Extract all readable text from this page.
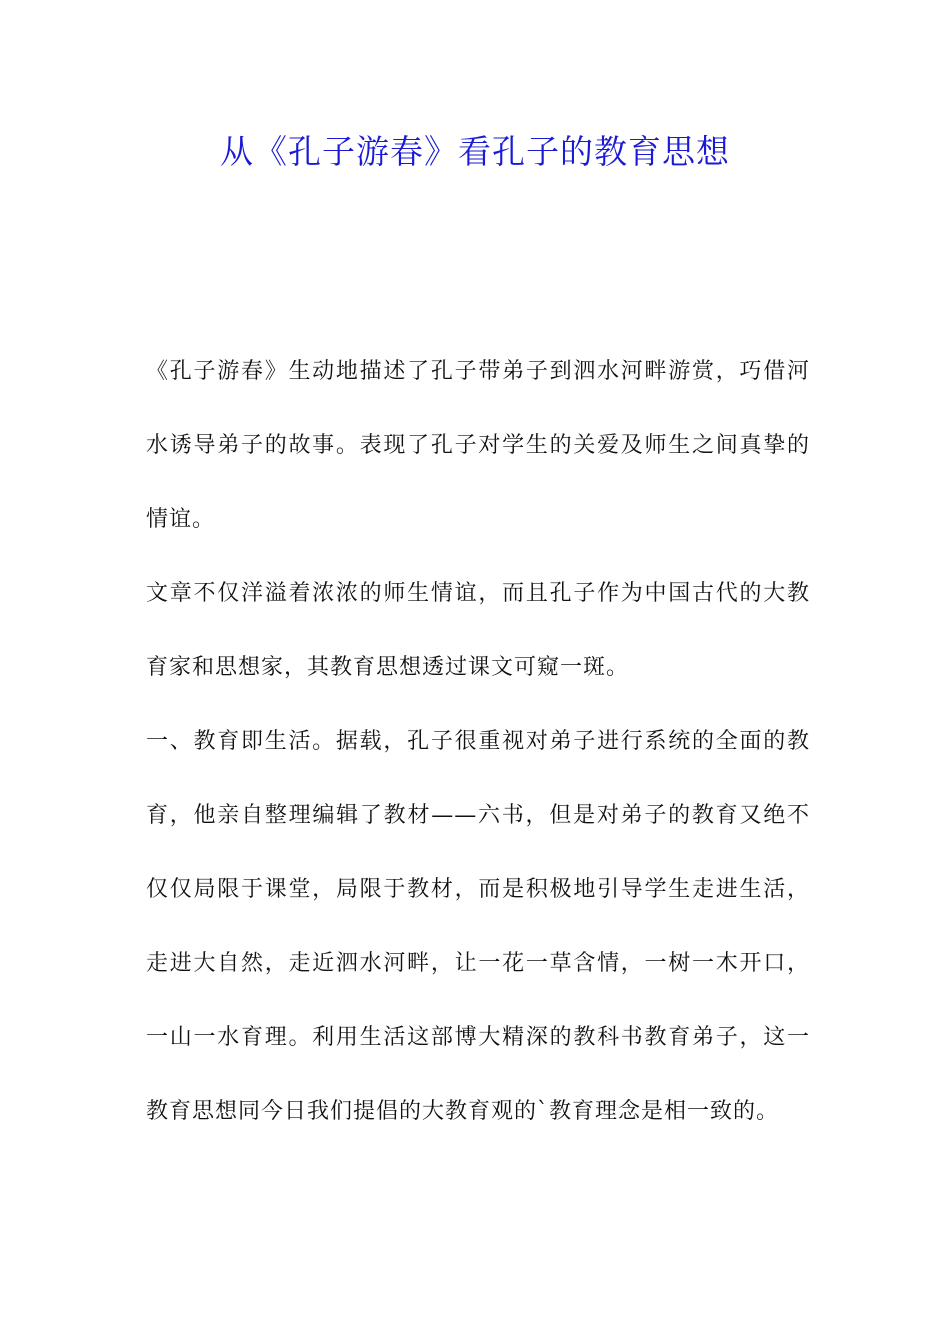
从《孔子游春》看孔子的教育思想

《孔子游春》生动地描述了孔子带弟子到泗水河畔游赏，巧借河水诱导弟子的故事。表现了孔子对学生的关爱及师生之间真挚的情谊。

文章不仅洋溢着浓浓的师生情谊，而且孔子作为中国古代的大教育家和思想家，其教育思想透过课文可窥一斑。

一、教育即生活。据载，孔子很重视对弟子进行系统的全面的教育，他亲自整理编辑了教材——六书，但是对弟子的教育又绝不仅仅局限于课堂，局限于教材，而是积极地引导学生走进生活，走进大自然，走近泗水河畔，让一花一草含情，一树一木开口，一山一水育理。利用生活这部博大精深的教科书教育弟子，这一教育思想同今日我们提倡的大教育观的`教育理念是相一致的。
